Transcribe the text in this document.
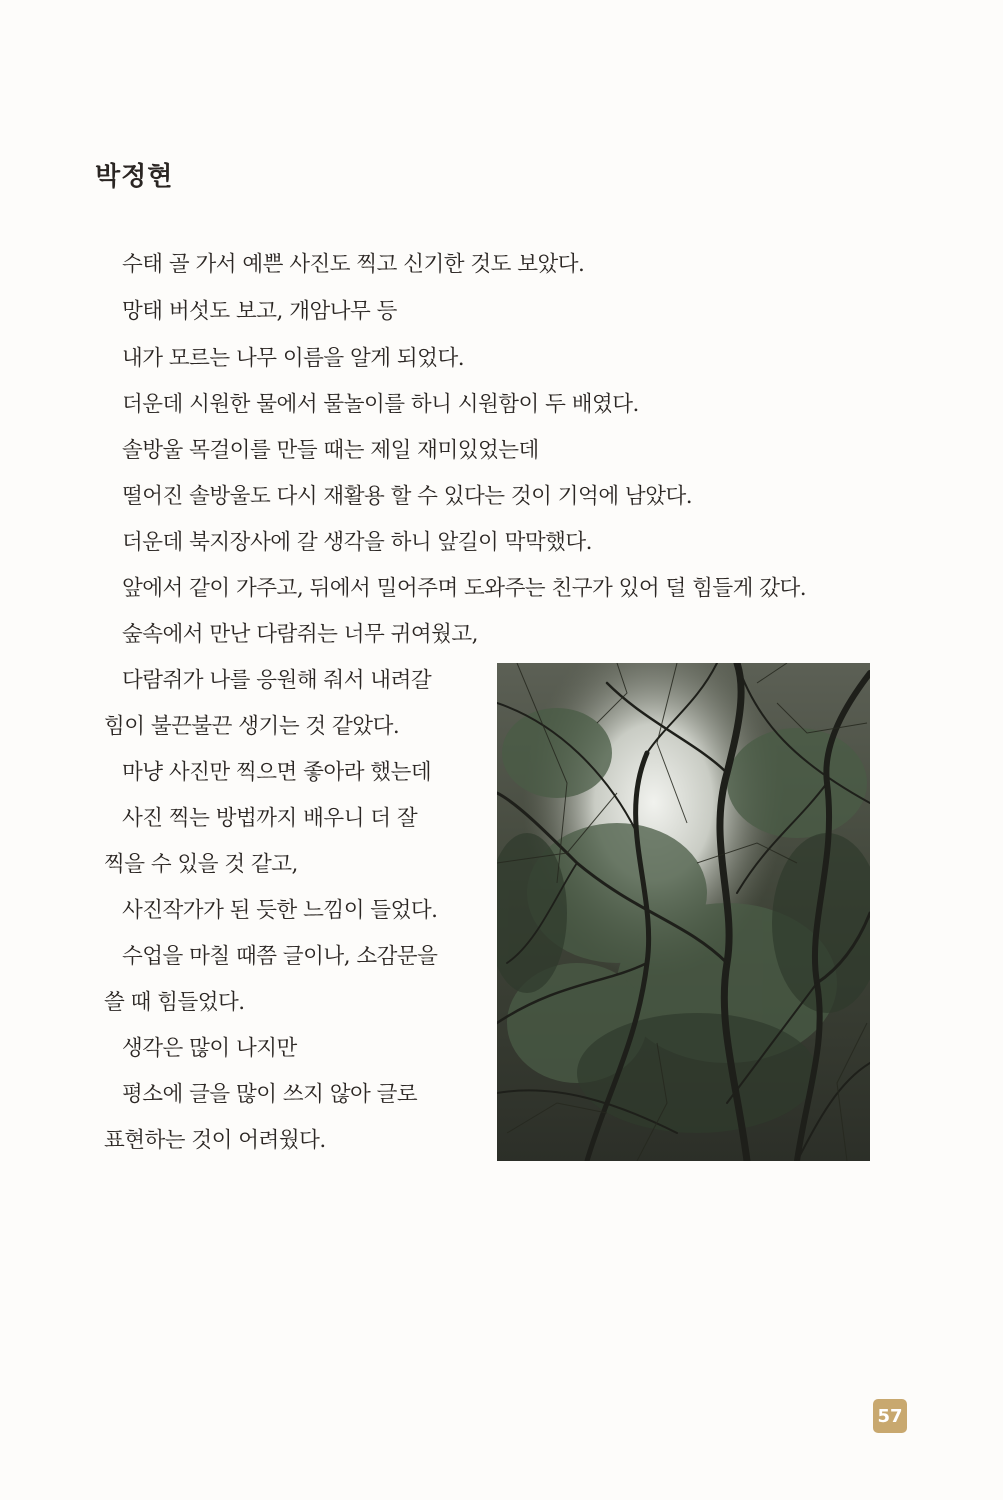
박정현
수태 골 가서 예쁜 사진도 찍고 신기한 것도 보았다.
망태 버섯도 보고, 개암나무 등
내가 모르는 나무 이름을 알게 되었다.
더운데 시원한 물에서 물놀이를 하니 시원함이 두 배였다.
솔방울 목걸이를 만들 때는 제일 재미있었는데
떨어진 솔방울도 다시 재활용 할 수 있다는 것이 기억에 남았다.
더운데 북지장사에 갈 생각을 하니 앞길이 막막했다.
앞에서 같이 가주고, 뒤에서 밀어주며 도와주는 친구가 있어 덜 힘들게 갔다.
숲속에서 만난 다람쥐는 너무 귀여웠고,
다람쥐가 나를 응원해 줘서 내려갈
힘이 불끈불끈 생기는 것 같았다.
마냥 사진만 찍으면 좋아라 했는데
사진 찍는 방법까지 배우니 더 잘
찍을 수 있을 것 같고,
사진작가가 된 듯한 느낌이 들었다.
수업을 마칠 때쯤 글이나, 소감문을
쓸 때 힘들었다.
생각은 많이 나지만
평소에 글을 많이 쓰지 않아 글로
표현하는 것이 어려웠다.
57
